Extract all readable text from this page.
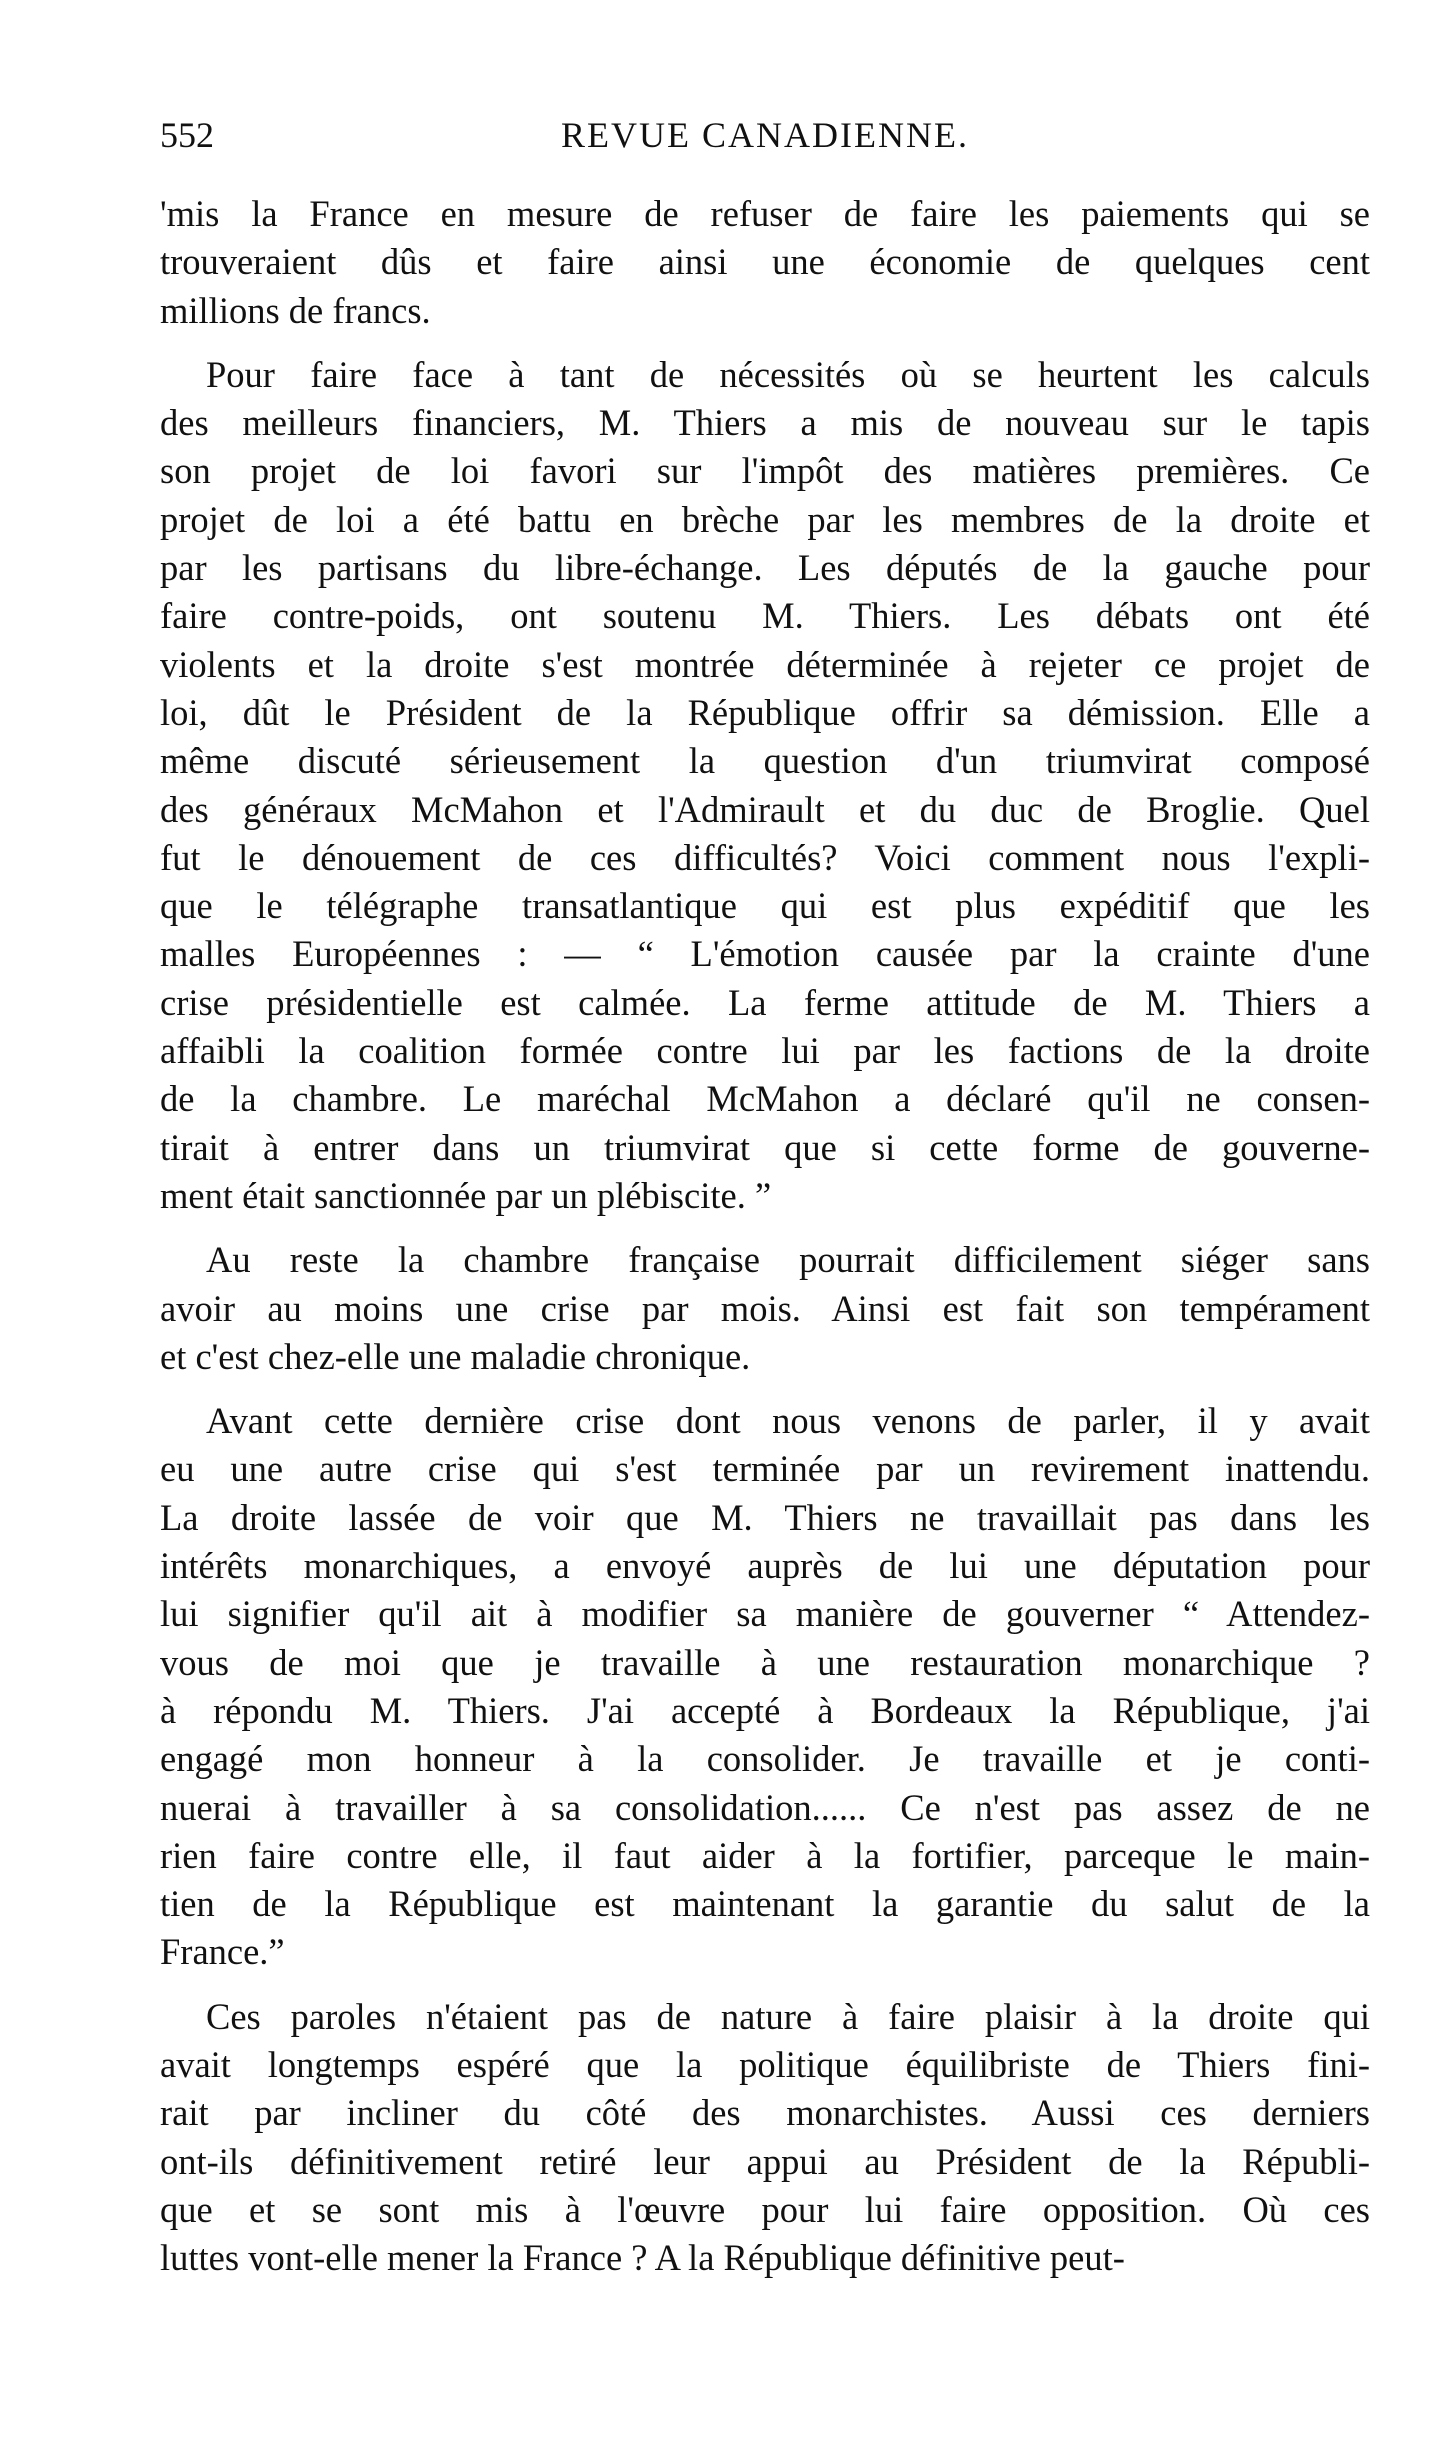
552	REVUE CANADIENNE.
'mis la France en mesure de refuser de faire les paiements qui se
trouveraient dûs et faire ainsi une économie de quelques cent
millions de francs.
Pour faire face à tant de nécessités où se heurtent les calculs
des meilleurs financiers, M. Thiers a mis de nouveau sur le tapis
son projet de loi favori sur l'impôt des matières premières. Ce
projet de loi a été battu en brèche par les membres de la droite et
par les partisans du libre-échange. Les députés de la gauche pour
faire contre-poids, ont soutenu M. Thiers. Les débats ont été
violents et la droite s'est montrée déterminée à rejeter ce projet de
loi, dût le Président de la République offrir sa démission. Elle a
même discuté sérieusement la question d'un triumvirat composé
des généraux McMahon et l'Admirault et du duc de Broglie. Quel
fut le dénouement de ces difficultés? Voici comment nous l'expli-
que le télégraphe transatlantique qui est plus expéditif que les
malles Européennes : — “ L'émotion causée par la crainte d'une
crise présidentielle est calmée. La ferme attitude de M. Thiers a
affaibli la coalition formée contre lui par les factions de la droite
de la chambre. Le maréchal McMahon a déclaré qu'il ne consen-
tirait à entrer dans un triumvirat que si cette forme de gouverne-
ment était sanctionnée par un plébiscite. ”
Au reste la chambre française pourrait difficilement siéger sans
avoir au moins une crise par mois. Ainsi est fait son tempérament
et c'est chez-elle une maladie chronique.
Avant cette dernière crise dont nous venons de parler, il y avait
eu une autre crise qui s'est terminée par un revirement inattendu.
La droite lassée de voir que M. Thiers ne travaillait pas dans les
intérêts monarchiques, a envoyé auprès de lui une députation pour
lui signifier qu'il ait à modifier sa manière de gouverner “ Attendez-
vous de moi que je travaille à une restauration monarchique ?
à répondu M. Thiers. J'ai accepté à Bordeaux la République, j'ai
engagé mon honneur à la consolider. Je travaille et je conti-
nuerai à travailler à sa consolidation...... Ce n'est pas assez de ne
rien faire contre elle, il faut aider à la fortifier, parceque le main-
tien de la République est maintenant la garantie du salut de la
France.”
Ces paroles n'étaient pas de nature à faire plaisir à la droite qui
avait longtemps espéré que la politique équilibriste de Thiers fini-
rait par incliner du côté des monarchistes. Aussi ces derniers
ont-ils définitivement retiré leur appui au Président de la Républi-
que et se sont mis à l'œuvre pour lui faire opposition. Où ces
luttes vont-elle mener la France ? A la République définitive peut-
